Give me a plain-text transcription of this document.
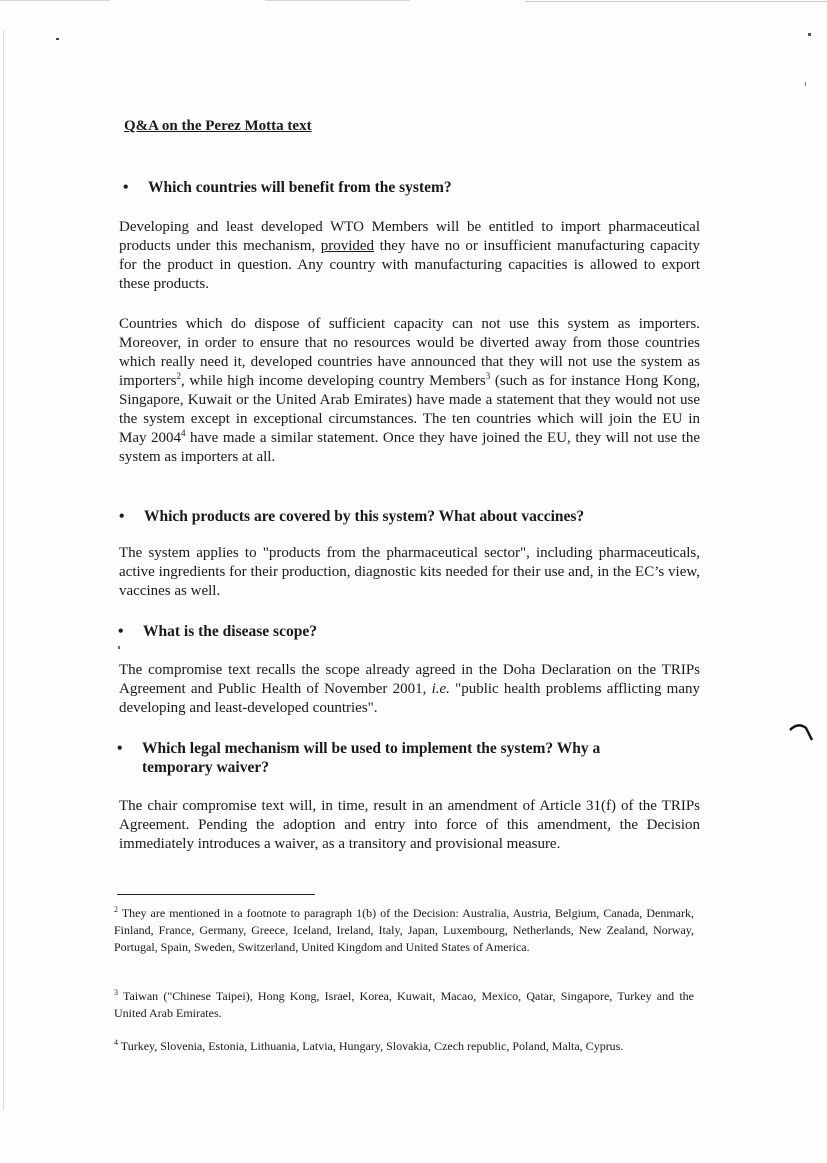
Q&A on the Perez Motta text
• Which countries will benefit from the system?
Developing and least developed WTO Members will be entitled to import pharmaceutical products under this mechanism, provided they have no or insufficient manufacturing capacity for the product in question. Any country with manufacturing capacities is allowed to export these products.
Countries which do dispose of sufficient capacity can not use this system as importers. Moreover, in order to ensure that no resources would be diverted away from those countries which really need it, developed countries have announced that they will not use the system as importers$^2$, while high income developing country Members$^3$ (such as for instance Hong Kong, Singapore, Kuwait or the United Arab Emirates) have made a statement that they would not use the system except in exceptional circumstances. The ten countries which will join the EU in May 2004$^4$ have made a similar statement. Once they have joined the EU, they will not use the system as importers at all.
• Which products are covered by this system? What about vaccines?
The system applies to "products from the pharmaceutical sector", including pharmaceuticals, active ingredients for their production, diagnostic kits needed for their use and, in the EC’s view, vaccines as well.
• What is the disease scope?
The compromise text recalls the scope already agreed in the Doha Declaration on the TRIPs Agreement and Public Health of November 2001, i.e. "public health problems afflicting many developing and least-developed countries".
• Which legal mechanism will be used to implement the system? Why a
temporary waiver?
The chair compromise text will, in time, result in an amendment of Article 31(f) of the TRIPs Agreement. Pending the adoption and entry into force of this amendment, the Decision immediately introduces a waiver, as a transitory and provisional measure.
$^2$ They are mentioned in a footnote to paragraph 1(b) of the Decision: Australia, Austria, Belgium, Canada, Denmark, Finland, France, Germany, Greece, Iceland, Ireland, Italy, Japan, Luxembourg, Netherlands, New Zealand, Norway, Portugal, Spain, Sweden, Switzerland, United Kingdom and United States of America.
$^3$ Taiwan ("Chinese Taipei), Hong Kong, Israel, Korea, Kuwait, Macao, Mexico, Qatar, Singapore, Turkey and the United Arab Emirates.
$^4$ Turkey, Slovenia, Estonia, Lithuania, Latvia, Hungary, Slovakia, Czech republic, Poland, Malta, Cyprus.
